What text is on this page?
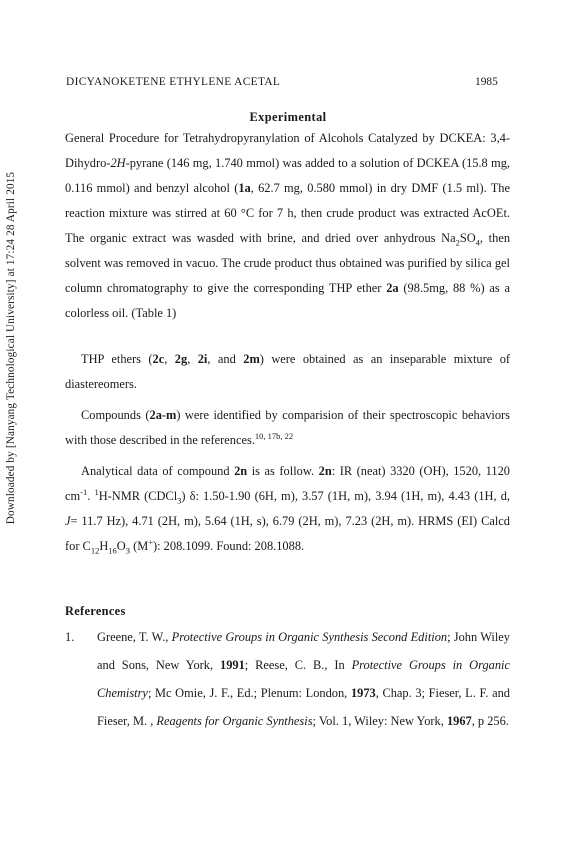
Downloaded by [Nanyang Technological University] at 17:24 28 April 2015
DICYANOKETENE ETHYLENE ACETAL	1985
Experimental
General Procedure for Tetrahydropyranylation of Alcohols Catalyzed by DCKEA: 3,4-Dihydro-2H-pyrane (146 mg, 1.740 mmol) was added to a solution of DCKEA (15.8 mg, 0.116 mmol) and benzyl alcohol (1a, 62.7 mg, 0.580 mmol) in dry DMF (1.5 ml). The reaction mixture was stirred at 60 °C for 7 h, then crude product was extracted AcOEt. The organic extract was wasded with brine, and dried over anhydrous $Na_2SO_4$, then solvent was removed in vacuo. The crude product thus obtained was purified by silica gel column chromatography to give the corresponding THP ether 2a (98.5mg, 88 %) as a colorless oil. (Table 1)
THP ethers (2c, 2g, 2i, and 2m) were obtained as an inseparable mixture of diastereomers.
Compounds (2a-m) were identified by comparision of their spectroscopic behaviors with those described in the references.$^{10, 17b, 22}$
Analytical data of compound 2n is as follow. 2n: IR (neat) 3320 (OH), 1520, 1120 $cm^{-1}$. $^1$H-NMR (CDCl$_3$) δ: 1.50-1.90 (6H, m), 3.57 (1H, m), 3.94 (1H, m), 4.43 (1H, d, J= 11.7 Hz), 4.71 (2H, m), 5.64 (1H, s), 6.79 (2H, m), 7.23 (2H, m). HRMS (EI) Calcd for $C_{12}H_{16}O_3$ (M+): 208.1099. Found: 208.1088.
References
1. Greene, T. W., Protective Groups in Organic Synthesis Second Edition; John Wiley and Sons, New York, 1991; Reese, C. B., In Protective Groups in Organic Chemistry; Mc Omie, J. F., Ed.; Plenum: London, 1973, Chap. 3; Fieser, L. F. and Fieser, M. , Reagents for Organic Synthesis; Vol. 1, Wiley: New York, 1967, p 256.
